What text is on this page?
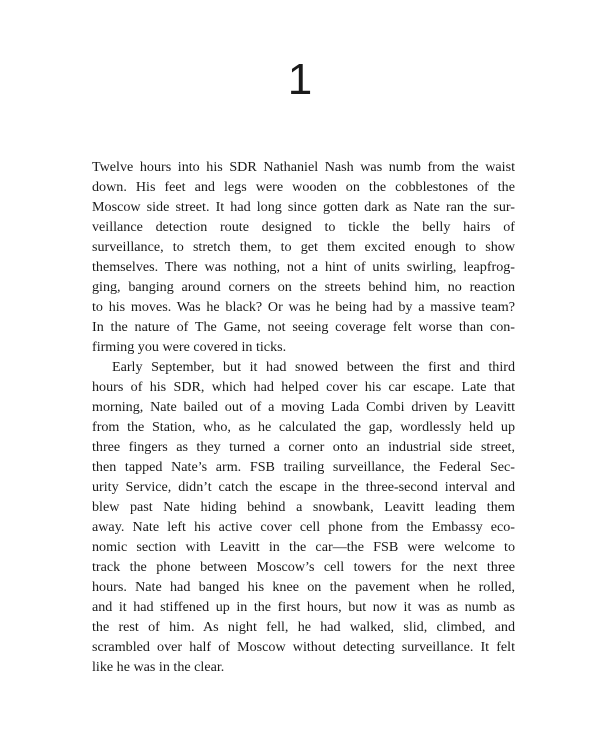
1
Twelve hours into his SDR Nathaniel Nash was numb from the waist
down. His feet and legs were wooden on the cobblestones of the
Moscow side street. It had long since gotten dark as Nate ran the sur-
veillance detection route designed to tickle the belly hairs of
surveillance, to stretch them, to get them excited enough to show
themselves. There was nothing, not a hint of units swirling, leapfrog-
ging, banging around corners on the streets behind him, no reaction
to his moves. Was he black? Or was he being had by a massive team?
In the nature of The Game, not seeing coverage felt worse than con-
firming you were covered in ticks.
Early September, but it had snowed between the first and third
hours of his SDR, which had helped cover his car escape. Late that
morning, Nate bailed out of a moving Lada Combi driven by Leavitt
from the Station, who, as he calculated the gap, wordlessly held up
three fingers as they turned a corner onto an industrial side street,
then tapped Nate’s arm. FSB trailing surveillance, the Federal Sec-
urity Service, didn’t catch the escape in the three-second interval and
blew past Nate hiding behind a snowbank, Leavitt leading them
away. Nate left his active cover cell phone from the Embassy eco-
nomic section with Leavitt in the car—the FSB were welcome to
track the phone between Moscow’s cell towers for the next three
hours. Nate had banged his knee on the pavement when he rolled,
and it had stiffened up in the first hours, but now it was as numb as
the rest of him. As night fell, he had walked, slid, climbed, and
scrambled over half of Moscow without detecting surveillance. It felt
like he was in the clear.
